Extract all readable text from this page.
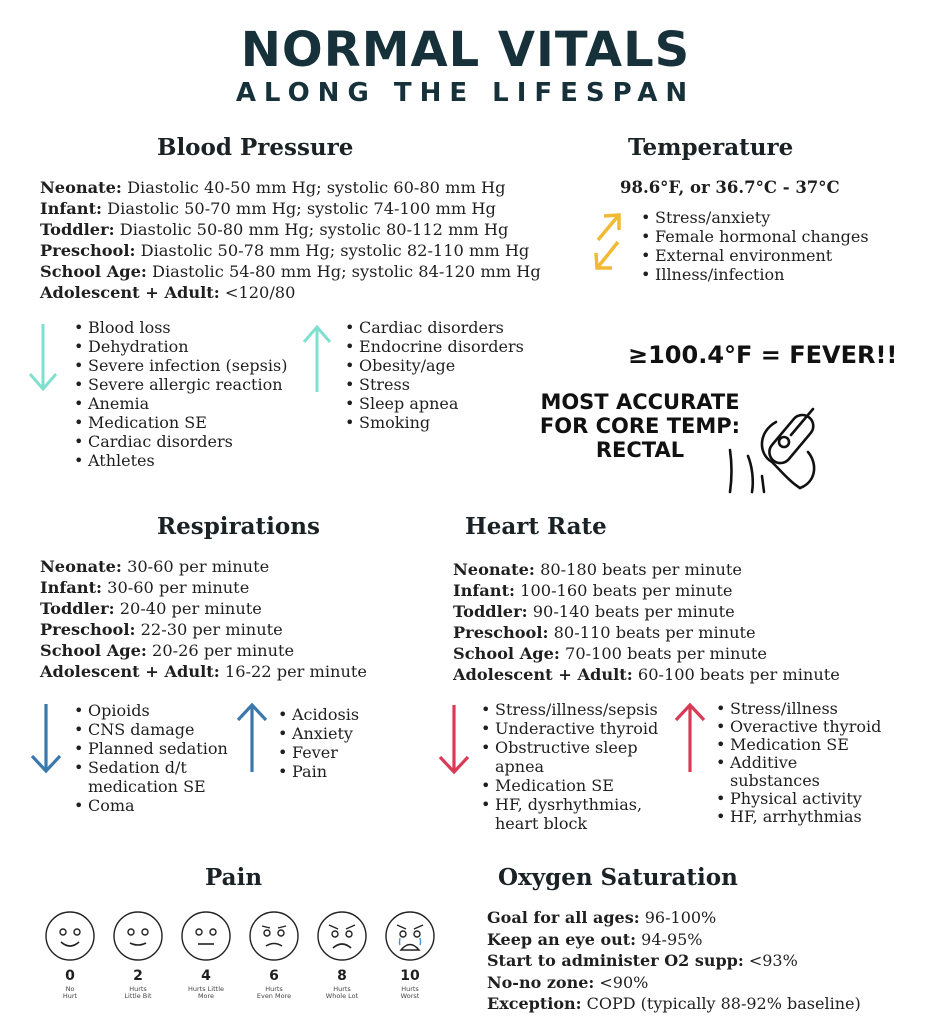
NORMAL VITALS
ALONG THE LIFESPAN
Blood Pressure
Neonate: Diastolic 40-50 mm Hg; systolic 60-80 mm Hg
Infant: Diastolic 50-70 mm Hg; systolic 74-100 mm Hg
Toddler: Diastolic 50-80 mm Hg; systolic 80-112 mm Hg
Preschool: Diastolic 50-78 mm Hg; systolic 82-110 mm Hg
School Age: Diastolic 54-80 mm Hg; systolic 84-120 mm Hg
Adolescent + Adult: <120/80
• Blood loss
• Dehydration
• Severe infection (sepsis)
• Severe allergic reaction
• Anemia
• Medication SE
• Cardiac disorders
• Athletes
• Cardiac disorders
• Endocrine disorders
• Obesity/age
• Stress
• Sleep apnea
• Smoking
Temperature
98.6°F, or 36.7°C - 37°C
• Stress/anxiety
• Female hormonal changes
• External environment
• Illness/infection
≥100.4°F = FEVER!!
MOST ACCURATE
FOR CORE TEMP:
RECTAL
Respirations
Neonate: 30-60 per minute
Infant: 30-60 per minute
Toddler: 20-40 per minute
Preschool: 22-30 per minute
School Age: 20-26 per minute
Adolescent + Adult: 16-22 per minute
• Opioids
• CNS damage
• Planned sedation
• Sedation d/t
medication SE
• Coma
• Acidosis
• Anxiety
• Fever
• Pain
Heart Rate
Neonate: 80-180 beats per minute
Infant: 100-160 beats per minute
Toddler: 90-140 beats per minute
Preschool: 80-110 beats per minute
School Age: 70-100 beats per minute
Adolescent + Adult: 60-100 beats per minute
• Stress/illness/sepsis
• Underactive thyroid
• Obstructive sleep
apnea
• Medication SE
• HF, dysrhythmias,
heart block
• Stress/illness
• Overactive thyroid
• Medication SE
• Additive
substances
• Physical activity
• HF, arrhythmias
Pain
0
No
Hurt
2
Hurts
Little Bit
4
Hurts Little
More
6
Hurts
Even More
8
Hurts
Whole Lot
10
Hurts
Worst
Oxygen Saturation
Goal for all ages: 96-100%
Keep an eye out: 94-95%
Start to administer O2 supp: <93%
No-no zone: <90%
Exception: COPD (typically 88-92% baseline)
